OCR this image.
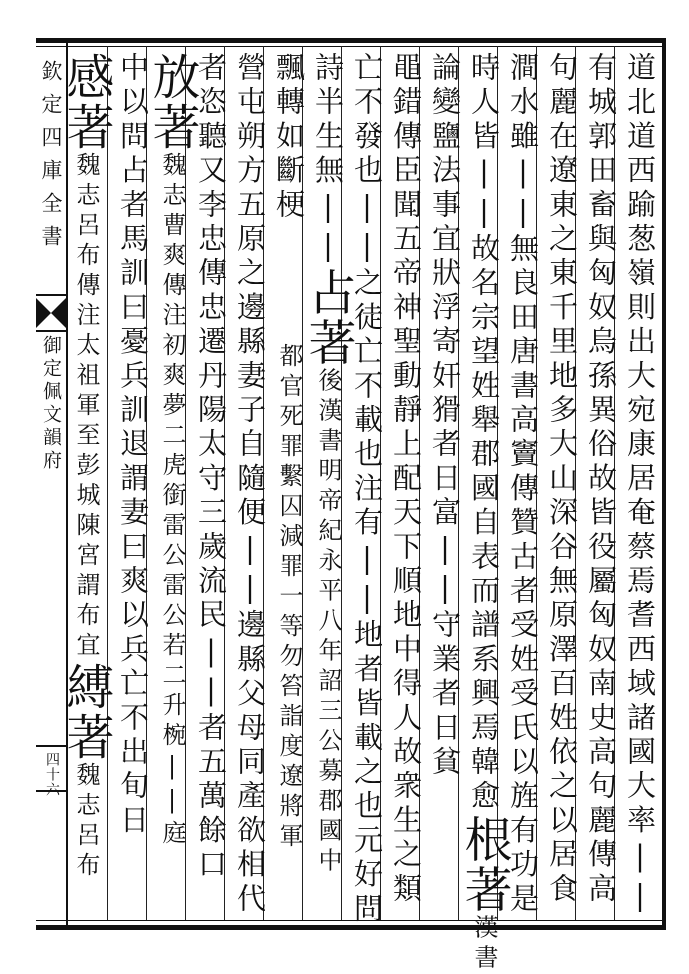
欽定四庫全書
御定佩文韻府
四十六	道北道西踰葱嶺則出大宛康居奄蔡焉耆西域諸國大率||
有城郭田畜與匈奴烏孫異俗故皆役屬匈奴南史高句麗傳高
句麗在遼東之東千里地多大山深谷無原澤百姓依之以居食
澗水雖||無良田唐書高竇傳贊古者受姓受氏以旌有功是
時人皆||故名宗望姓舉郡國自表而譜系興焉韓愈根著漢書
論變鹽法事宜狀浮寄奸猾者日富||守業者日貧
黽錯傳臣聞五帝神聖動靜上配天下順地中得人故衆生之類
亡不發也||之徒亡不載也注有||地者皆載之也元好問
詩半生無||占著後漢書明帝紀永平八年詔三公募郡國中
飄轉如斷梗都官死罪繫囚減罪一等勿笞詣度遼將軍
營屯朔方五原之邊縣妻子自隨便||邊縣父母同產欲相代
者恣聽又李忠傳忠遷丹陽太守三歲流民||者五萬餘口
放著魏志曹爽傳注初爽夢二虎銜雷公雷公若二升椀||庭
中以問占者馬訓曰憂兵訓退謂妻曰爽以兵亡不出旬日
感著魏志呂布傳注太祖軍至彭城陳宮謂布宜縛著魏志呂布
